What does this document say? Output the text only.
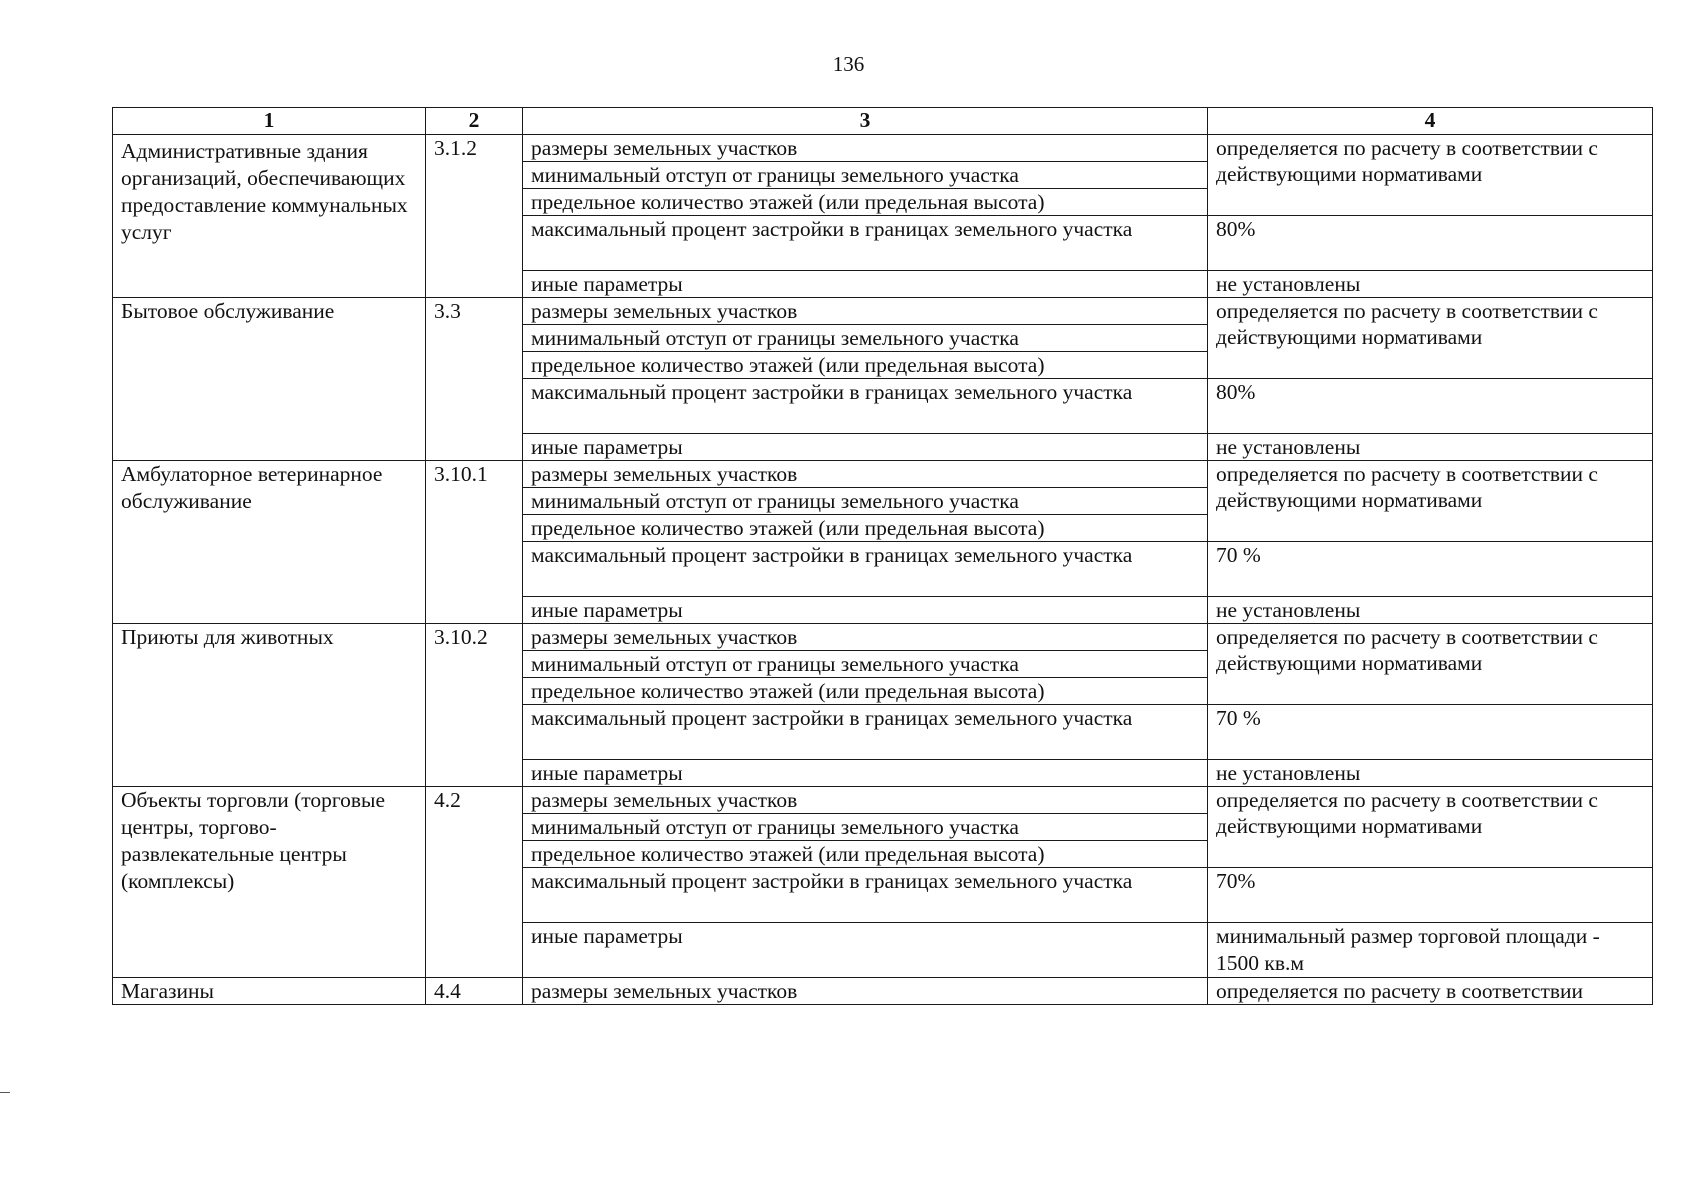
136
1	2	3	4
Административные здания организаций, обеспечивающих предоставление коммунальных услуг	3.1.2	размеры земельных участков	определяется по расчету в соответствии с действующими нормативами
		минимальный отступ от границы земельного участка	
		предельное количество этажей (или предельная высота)	
		максимальный процент застройки в границах земельного участка	80%
		иные параметры	не установлены
Бытовое обслуживание	3.3	размеры земельных участков	определяется по расчету в соответствии с действующими нормативами
		минимальный отступ от границы земельного участка	
		предельное количество этажей (или предельная высота)	
		максимальный процент застройки в границах земельного участка	80%
		иные параметры	не установлены
Амбулаторное ветеринарное обслуживание	3.10.1	размеры земельных участков	определяется по расчету в соответствии с действующими нормативами
		минимальный отступ от границы земельного участка	
		предельное количество этажей (или предельная высота)	
		максимальный процент застройки в границах земельного участка	70 %
		иные параметры	не установлены
Приюты для животных	3.10.2	размеры земельных участков	определяется по расчету в соответствии с действующими нормативами
		минимальный отступ от границы земельного участка	
		предельное количество этажей (или предельная высота)	
		максимальный процент застройки в границах земельного участка	70 %
		иные параметры	не установлены
Объекты торговли (торговые центры, торгово-развлекательные центры (комплексы)	4.2	размеры земельных участков	определяется по расчету в соответствии с действующими нормативами
		минимальный отступ от границы земельного участка	
		предельное количество этажей (или предельная высота)	
		максимальный процент застройки в границах земельного участка	70%
		иные параметры	минимальный размер торговой площади - 1500 кв.м
Магазины	4.4	размеры земельных участков	определяется по расчету в соответствии
